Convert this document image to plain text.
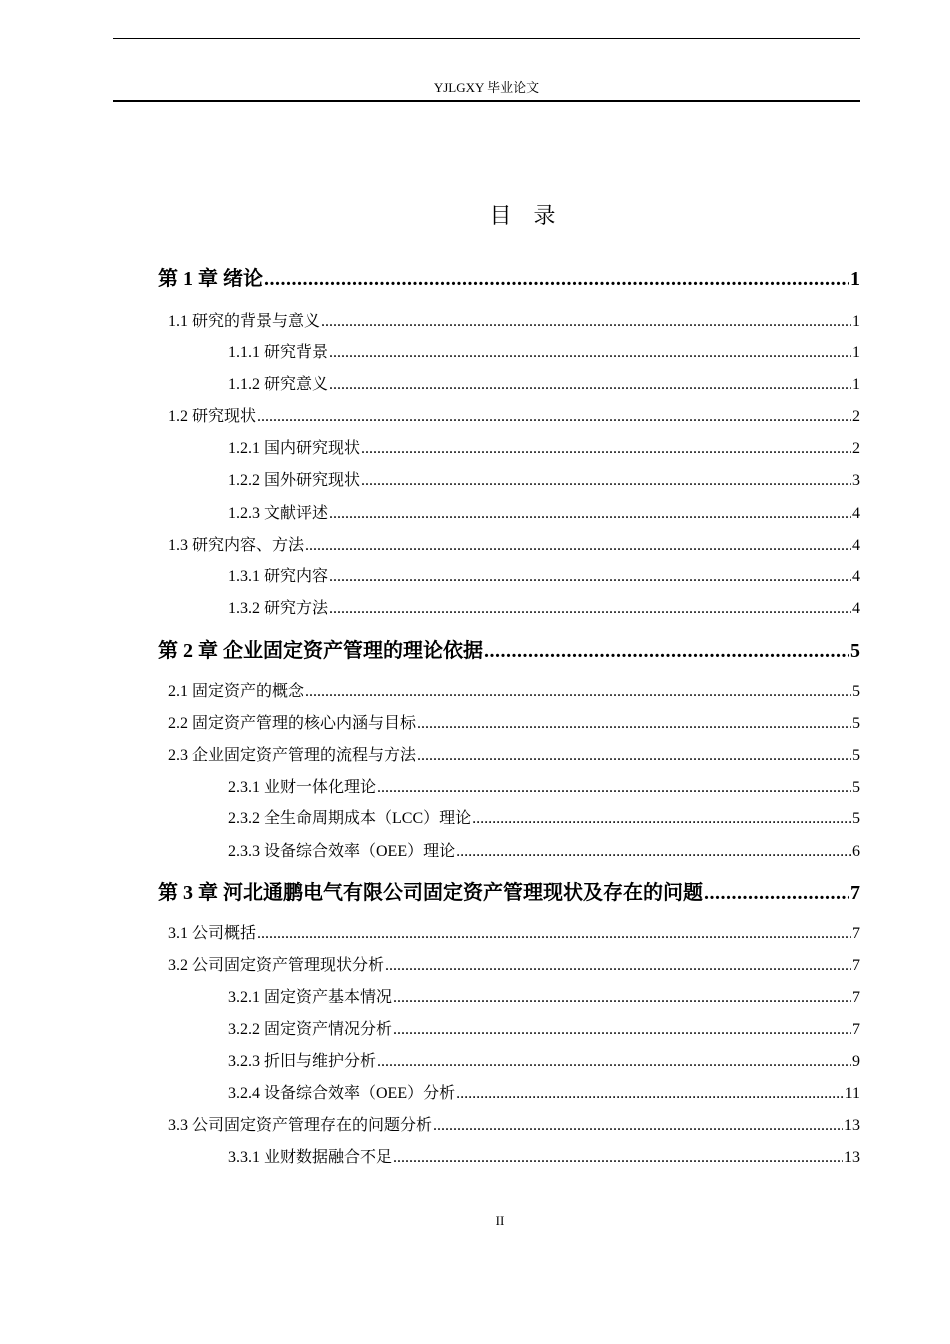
YJLGXY 毕业论文
目　录
第 1 章 绪论 .....	1
1.1 研究的背景与意义 .....	1
1.1.1 研究背景 .....	1
1.1.2 研究意义 .....	1
1.2 研究现状 .....	2
1.2.1 国内研究现状 .....	2
1.2.2 国外研究现状 .....	3
1.2.3 文献评述 .....	4
1.3 研究内容、方法 .....	4
1.3.1 研究内容 .....	4
1.3.2 研究方法 .....	4
第 2 章 企业固定资产管理的理论依据 .....	5
2.1 固定资产的概念 .....	5
2.2 固定资产管理的核心内涵与目标 .....	5
2.3 企业固定资产管理的流程与方法 .....	5
2.3.1 业财一体化理论 .....	5
2.3.2 全生命周期成本（LCC）理论 .....	5
2.3.3 设备综合效率（OEE）理论 .....	6
第 3 章 河北通鹏电气有限公司固定资产管理现状及存在的问题 .....	7
3.1 公司概括 .....	7
3.2 公司固定资产管理现状分析 .....	7
3.2.1 固定资产基本情况 .....	7
3.2.2 固定资产情况分析 .....	7
3.2.3 折旧与维护分析 .....	9
3.2.4 设备综合效率（OEE）分析 .....	11
3.3 公司固定资产管理存在的问题分析 .....	13
3.3.1 业财数据融合不足 .....	13
II
